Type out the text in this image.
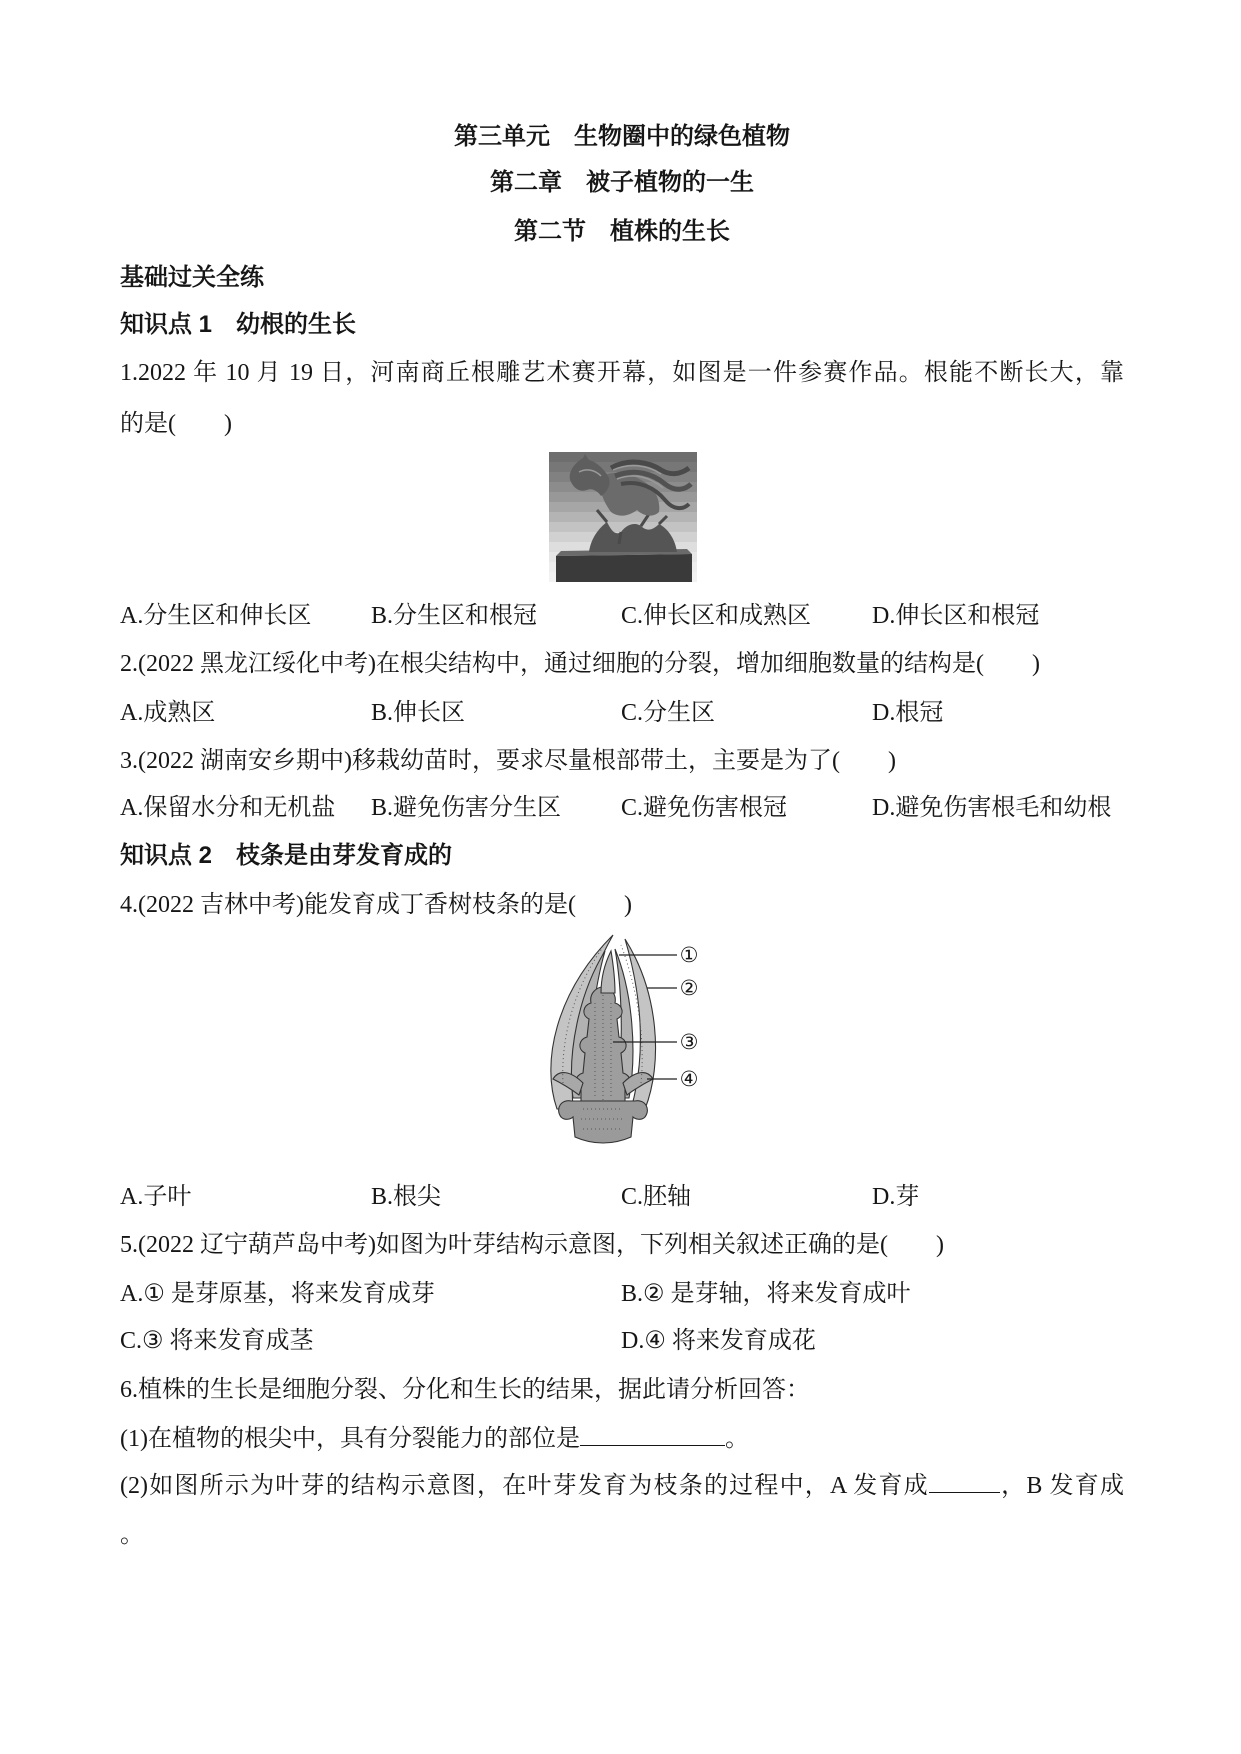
第三单元　生物圈中的绿色植物
第二章　被子植物的一生
第二节　植株的生长
基础过关全练
知识点 1　幼根的生长
1.2022 年 10 月 19 日，河南商丘根雕艺术赛开幕，如图是一件参赛作品。根能不断长大，靠
的是(　　)
A.分生区和伸长区 B.分生区和根冠	C.伸长区和成熟区	D.伸长区和根冠
2.(2022 黑龙江绥化中考)在根尖结构中，通过细胞的分裂，增加细胞数量的结构是(　　)
A.成熟区	B.伸长区	C.分生区	D.根冠
3.(2022 湖南安乡期中)移栽幼苗时，要求尽量根部带土，主要是为了(　　)
A.保留水分和无机盐 B.避免伤害分生区 C.避免伤害根冠	D.避免伤害根毛和幼根
知识点 2　枝条是由芽发育成的
4.(2022 吉林中考)能发育成丁香树枝条的是(　　)
①
②
③
④
A.子叶	B.根尖	C.胚轴	D.芽
5.(2022 辽宁葫芦岛中考)如图为叶芽结构示意图，下列相关叙述正确的是(　　)
A.① 是芽原基，将来发育成芽	B.② 是芽轴，将来发育成叶
C.③ 将来发育成茎	D.④ 将来发育成花
6.植株的生长是细胞分裂、分化和生长的结果，据此请分析回答：
(1)在植物的根尖中，具有分裂能力的部位是	。
(2)如图所示为叶芽的结构示意图，在叶芽发育为枝条的过程中，A 发育成	，B 发育成
。
